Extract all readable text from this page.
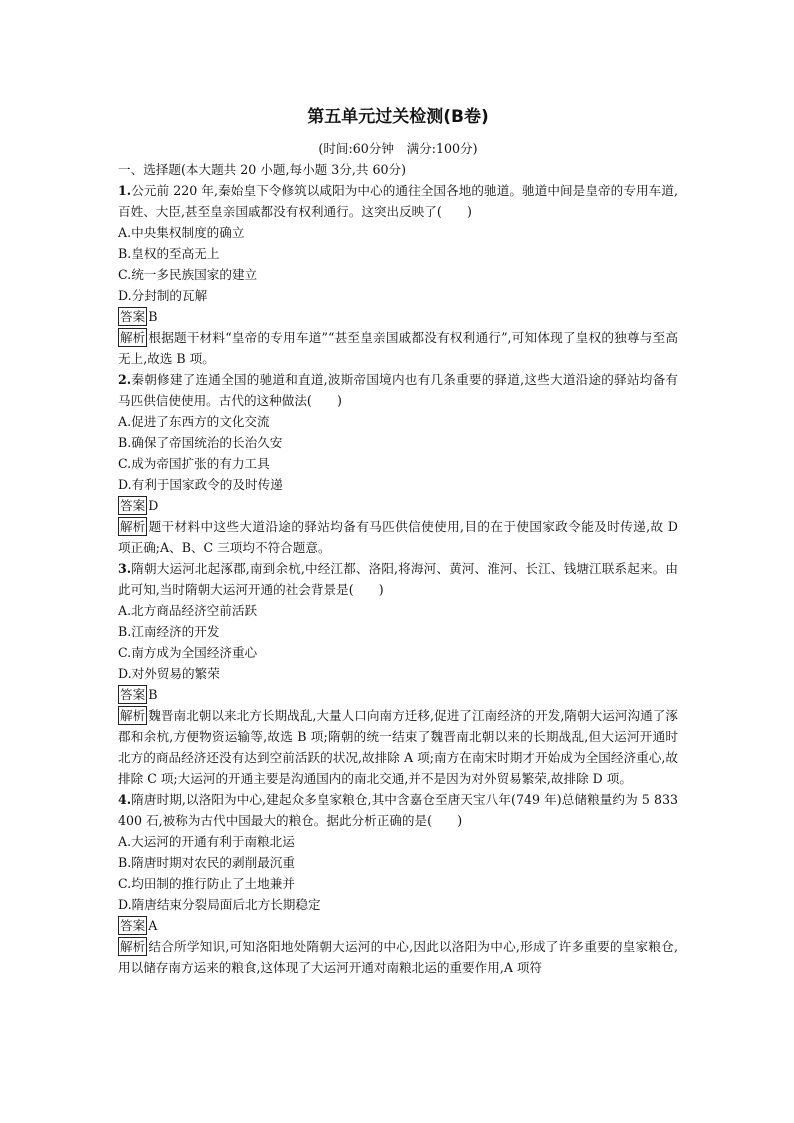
第五单元过关检测(B卷)
(时间:60分钟　满分:100分)
一、选择题(本大题共 20 小题,每小题 3分,共 60分)

1.公元前 220 年,秦始皇下令修筑以咸阳为中心的通往全国各地的驰道。驰道中间是皇帝的专用车道, 百姓、大臣,甚至皇亲国戚都没有权利通行。这突出反映了(　　)

A.中央集权制度的确立

B.皇权的至高无上

C.统一多民族国家的建立

D.分封制的瓦解

答案 B

解析 根据题干材料“皇帝的专用车道”“甚至皇亲国戚都没有权利通行”,可知体现了皇权的独尊与至高无上,故选 B 项。

2.秦朝修建了连通全国的驰道和直道,波斯帝国境内也有几条重要的驿道,这些大道沿途的驿站均备有马匹供信使使用。古代的这种做法(　　)

A.促进了东西方的文化交流

B.确保了帝国统治的长治久安

C.成为帝国扩张的有力工具

D.有利于国家政令的及时传递

答案 D

解析 题干材料中这些大道沿途的驿站均备有马匹供信使使用,目的在于使国家政令能及时传递,故 D 项正确;A、B、C 三项均不符合题意。

3.隋朝大运河北起涿郡,南到余杭,中经江都、洛阳,将海河、黄河、淮河、长江、钱塘江联系起来。由此可知,当时隋朝大运河开通的社会背景是(　　)

A.北方商品经济空前活跃

B.江南经济的开发

C.南方成为全国经济重心

D.对外贸易的繁荣

答案 B

解析 魏晋南北朝以来北方长期战乱,大量人口向南方迁移,促进了江南经济的开发,隋朝大运河沟通了涿郡和余杭,方便物资运输等,故选 B 项;隋朝的统一结束了魏晋南北朝以来的长期战乱,但大运河开通时北方的商品经济还没有达到空前活跃的状况,故排除 A 项;南方在南宋时期才开始成为全国经济重心,故排除 C 项;大运河的开通主要是沟通国内的南北交通,并不是因为对外贸易繁荣,故排除 D 项。

4.隋唐时期,以洛阳为中心,建起众多皇家粮仓,其中含嘉仓至唐天宝八年(749 年)总储粮量约为 5 833 400 石,被称为古代中国最大的粮仓。据此分析正确的是(　　)

A.大运河的开通有利于南粮北运

B.隋唐时期对农民的剥削最沉重

C.均田制的推行防止了土地兼并

D.隋唐结束分裂局面后北方长期稳定

答案 A

解析 结合所学知识,可知洛阳地处隋朝大运河的中心,因此以洛阳为中心,形成了许多重要的皇家粮仓,用以储存南方运来的粮食,这体现了大运河开通对南粮北运的重要作用,A 项符
